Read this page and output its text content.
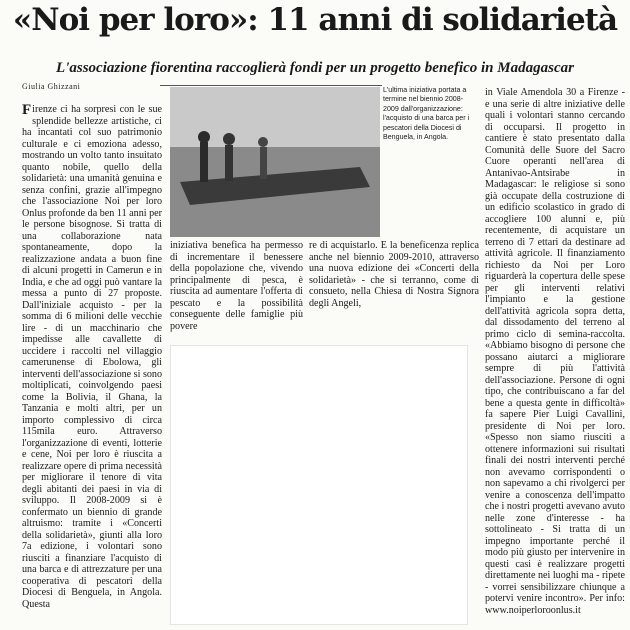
«Noi per loro»: 11 anni di solidarietà
L'associazione fiorentina raccoglierà fondi per un progetto benefico in Madagascar
Giulia Ghizzani
F irenze ci ha sorpresi con le sue splendide bellezze artistiche, ci ha incantati col suo patrimonio culturale e ci emoziona adesso, mostrando un volto tanto insuitato quanto nobile, quello della solidarietà: una umanità genuina e senza confini, grazie all'impegno che l'associazione Noi per loro Onlus profonde da ben 11 anni per le persone bisognose. Si tratta di una collaborazione nata spontaneamente, dopo la realizzazione andata a buon fine di alcuni progetti in Camerun e in India, e che ad oggi può vantare la messa a punto di 27 proposte. Dall'iniziale acquisto - per la somma di 6 milioni delle vecchie lire - di un macchinario che impedisse alle cavallette di uccidere i raccolti nel villaggio camerunense di Ebolowa, gli interventi dell'associazione si sono moltiplicati, coinvolgendo paesi come la Bolivia, il Ghana, la Tanzania e molti altri, per un importo complessivo di circa 115mila euro. Attraverso l'organizzazione di eventi, lotterie e cene, Noi per loro è riuscita a realizzare opere di prima necessità per migliorare il tenore di vita degli abitanti dei paesi in via di sviluppo. Il 2008-2009 si è confermato un biennio di grande altruismo: tramite i «Concerti della solidarietà», giunti alla loro 7a edizione, i volontari sono riusciti a finanziare l'acquisto di una barca e di attrezzature per una cooperativa di pescatori della Diocesi di Benguela, in Angola. Questa
L'ultima iniziativa portata a termine nel biennio 2008-2009 dall'organizzazione: l'acquisto di una barca per i pescatori della Diocesi di Benguela, in Angola.
iniziativa benefica ha permesso di incrementare il benessere della popolazione che, vivendo principalmente di pesca, è riuscita ad aumentare l'offerta di pescato e la possibilità conseguente delle famiglie più povere
re di acquistarlo. E la beneficenza replica anche nel biennio 2009-2010, attraverso una nuova edizione dei «Concerti della solidarietà» - che si terranno, come di consueto, nella Chiesa di Nostra Signora degli Angeli,
in Viale Amendola 30 a Firenze - e una serie di altre iniziative delle quali i volontari stanno cercando di occuparsi. Il progetto in cantiere è stato presentato dalla Comunità delle Suore del Sacro Cuore operanti nell'area di Antanivao-Antsirabe in Madagascar: le religiose si sono già occupate della costruzione di un edificio scolastico in grado di accogliere 100 alunni e, più recentemente, di acquistare un terreno di 7 ettari da destinare ad attività agricole. Il finanziamento richiesto da Noi per Loro riguarderà la copertura delle spese per gli interventi relativi l'impianto e la gestione dell'attività agricola sopra detta, dal dissodamento del terreno al primo ciclo di semina-raccolta. «Abbiamo bisogno di persone che possano aiutarci a migliorare sempre di più l'attività dell'associazione. Persone di ogni tipo, che contribuiscano a far del bene a questa gente in difficoltà» fa sapere Pier Luigi Cavallini, presidente di Noi per loro. «Spesso non siamo riusciti a ottenere informazioni sui risultati finali dei nostri interventi perché non avevamo corrispondenti o non sapevamo a chi rivolgerci per venire a conoscenza dell'impatto che i nostri progetti avevano avuto nelle zone d'interesse - ha sottolineato - Si tratta di un impegno importante perché il modo più giusto per intervenire in questi casi è realizzare progetti direttamente nei luoghi ma - ripete - vorrei sensibilizzare chiunque a potervi venire incontro». Per info: www.noiperloroonlus.it
